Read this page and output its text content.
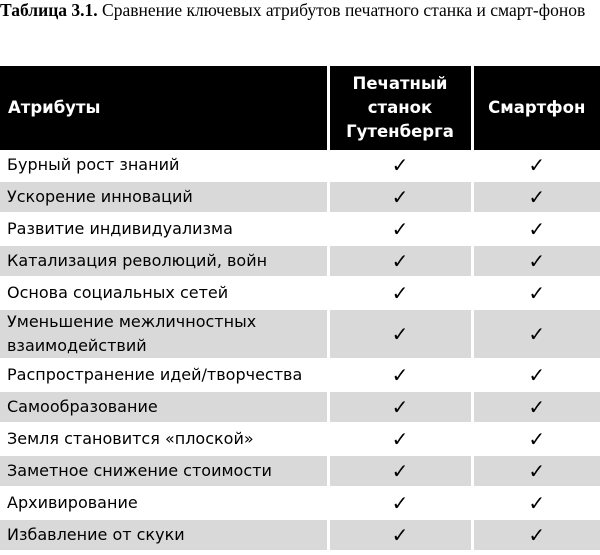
Таблица 3.1. Сравнение ключевых атрибутов печатного станка и смарт-фонов
Атрибуты	Печатный станок Гутенберга	Смартфон
Бурный рост знаний	✓	✓
Ускорение инноваций	✓	✓
Развитие индивидуализма	✓	✓
Катализация революций, войн	✓	✓
Основа социальных сетей	✓	✓
Уменьшение межличностных взаимодействий	✓	✓
Распространение идей/творчества	✓	✓
Самообразование	✓	✓
Земля становится «плоской»	✓	✓
Заметное снижение стоимости	✓	✓
Архивирование	✓	✓
Избавление от скуки	✓	✓
